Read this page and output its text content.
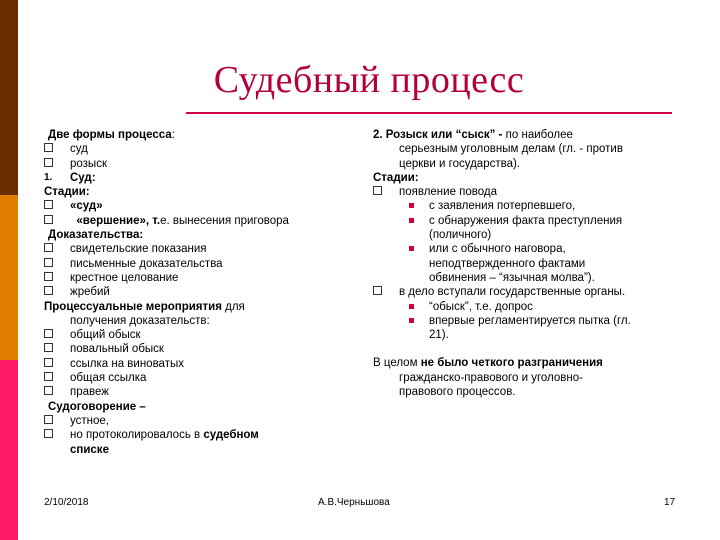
Судебный процесс
Две формы процесса:
суд
розыск
1.	Суд:
Стадии:
«суд»
«вершение», т.е. вынесения приговора
Доказательства:
свидетельские показания
письменные доказательства
крестное целование
жребий
Процессуальные мероприятия для
получения доказательств:
общий обыск
повальный обыск
ссылка на виноватых
общая ссылка
правеж
Судоговорение –
устное,
но протоколировалось в судебном
списке
2. Розыск или “сыск” - по наиболее
серьезным уголовным делам (гл. - против
церкви и государства).
Стадии:
появление повода
с заявления потерпевшего,
с обнаружения факта преступления
(поличного)
или с обычного наговора,
неподтвержденного фактами
обвинения – “язычная молва”).
в дело вступали государственные органы.
“обыск”, т.е. допрос
впервые регламентируется пытка (гл.
21).
В целом не было четкого разграничения
гражданско-правового и уголовно-
правового процессов.
2/10/2018	А.В.Черньшова	17
